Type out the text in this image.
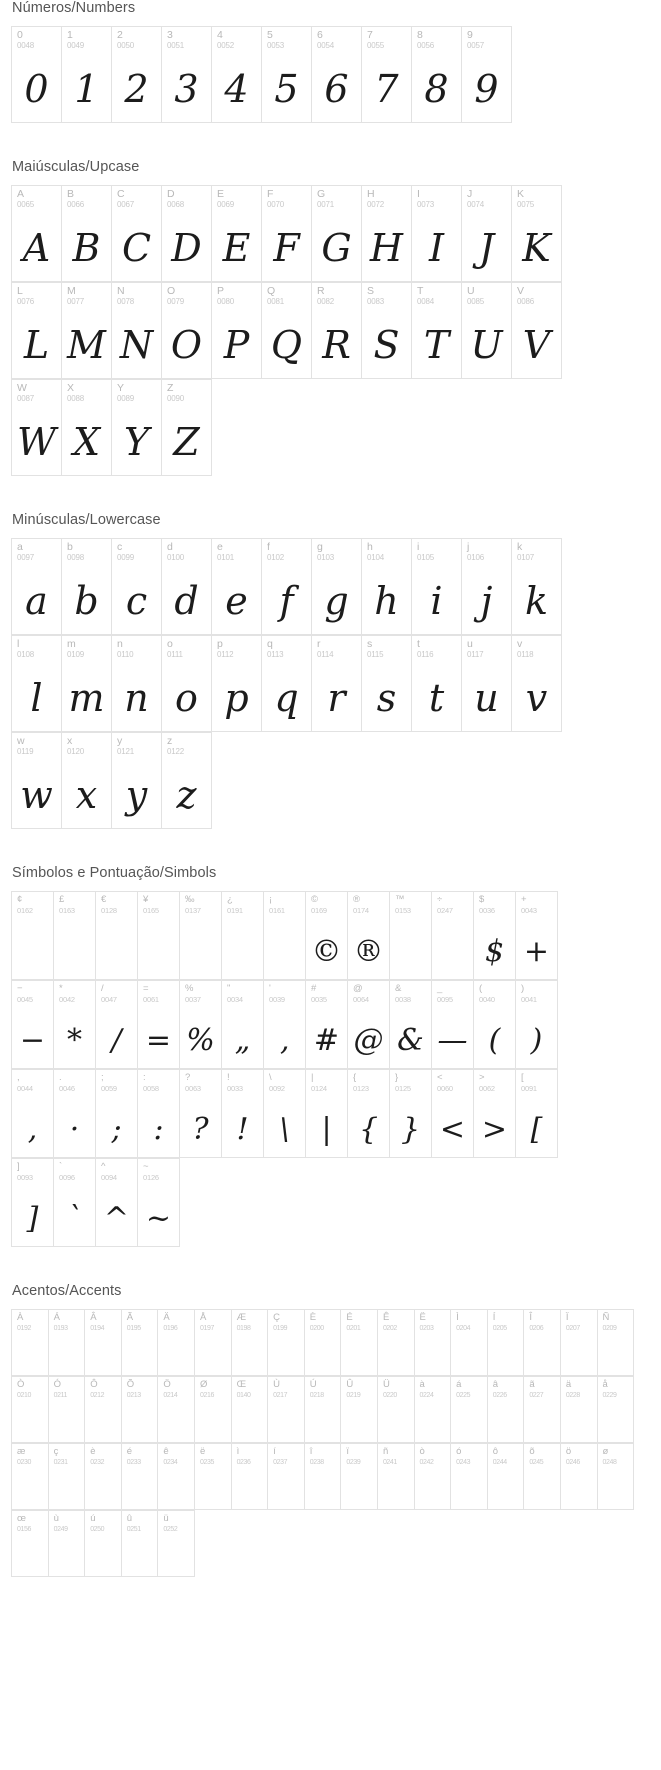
Números/Numbers
0
0048
0
1
0049
1
2
0050
2
3
0051
3
4
0052
4
5
0053
5
6
0054
6
7
0055
7
8
0056
8
9
0057
9
Maiúsculas/Upcase
A
0065
A
B
0066
B
C
0067
C
D
0068
D
E
0069
E
F
0070
F
G
0071
G
H
0072
H
I
0073
I
J
0074
J
K
0075
K
L
0076
L
M
0077
M
N
0078
N
O
0079
O
P
0080
P
Q
0081
Q
R
0082
R
S
0083
S
T
0084
T
U
0085
U
V
0086
V
W
0087
W
X
0088
X
Y
0089
Y
Z
0090
Z
Minúsculas/Lowercase
a
0097
a
b
0098
b
c
0099
c
d
0100
d
e
0101
e
f
0102
f
g
0103
g
h
0104
h
i
0105
i
j
0106
j
k
0107
k
l
0108
l
m
0109
m
n
0110
n
o
0111
o
p
0112
p
q
0113
q
r
0114
r
s
0115
s
t
0116
t
u
0117
u
v
0118
v
w
0119
w
x
0120
x
y
0121
y
z
0122
z
Símbolos e Pontuação/Simbols
¢
0162
£
0163
€
0128
¥
0165
‰
0137
¿
0191
¡
0161
©
0169
©
®
0174
®
™
0153
÷
0247
$
0036
$
+
0043
+
−
0045
−
*
0042
*
/
0047
/
=
0061
=
%
0037
%
"
0034
„
'
0039
‚
#
0035
#
@
0064
@
&
0038
&
_
0095
—
(
0040
(
)
0041
)
,
0044
,
.
0046
·
;
0059
;
:
0058
:
?
0063
?
!
0033
!
\
0092
\
|
0124
|
{
0123
{
}
0125
}
<
0060
<
>
0062
>
[
0091
[
]
0093
]
`
0096
`
^
0094
^
~
0126
~
Acentos/Accents
À
0192
Á
0193
Â
0194
Ã
0195
Ä
0196
Å
0197
Æ
0198
Ç
0199
È
0200
É
0201
Ê
0202
Ë
0203
Ì
0204
Í
0205
Î
0206
Ï
0207
Ñ
0209
Ò
0210
Ó
0211
Ô
0212
Õ
0213
Ö
0214
Ø
0216
Œ
0140
Ù
0217
Ú
0218
Û
0219
Ü
0220
à
0224
á
0225
â
0226
ã
0227
ä
0228
å
0229
æ
0230
ç
0231
è
0232
é
0233
ê
0234
ë
0235
ì
0236
í
0237
î
0238
ï
0239
ñ
0241
ò
0242
ó
0243
ô
0244
õ
0245
ö
0246
ø
0248
œ
0156
ù
0249
ú
0250
û
0251
ü
0252
